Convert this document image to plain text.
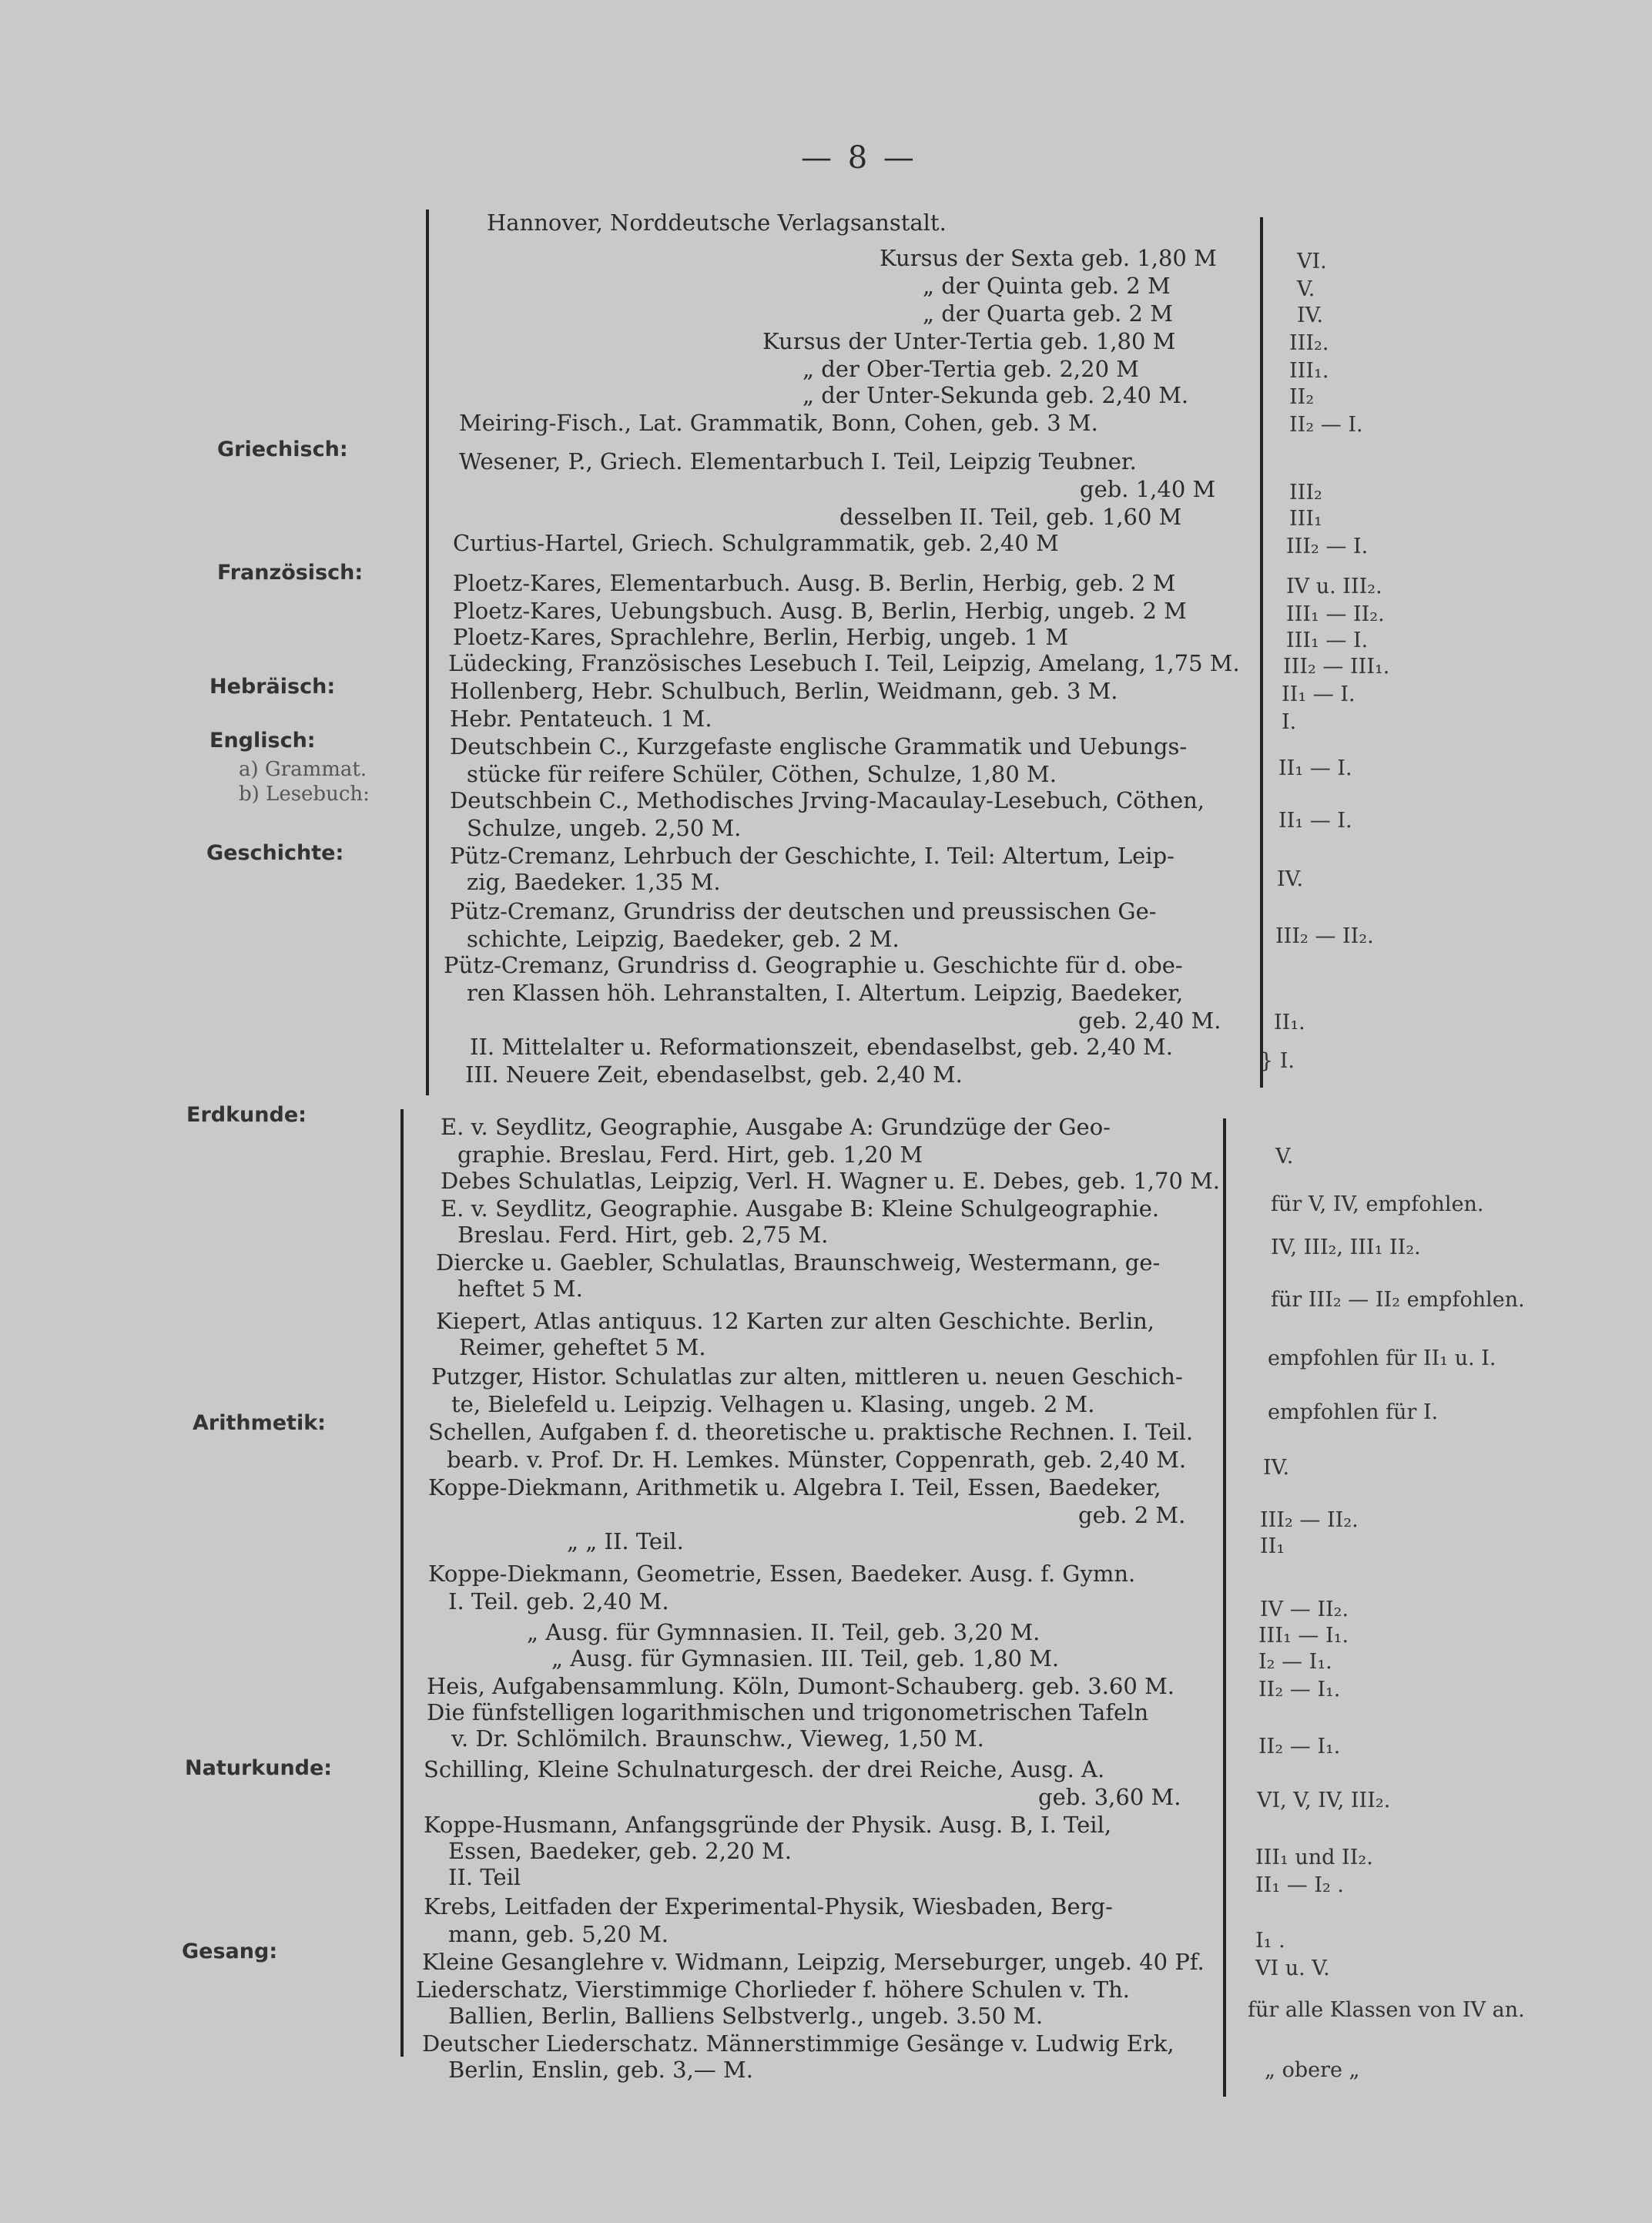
— 8 —
Griechisch:
Französisch:
Hebräisch:
Englisch:
a) Grammat.
b) Lesebuch:
Geschichte:
Erdkunde:
Arithmetik:
Naturkunde:
Gesang:
Hannover, Norddeutsche Verlagsanstalt.
Kursus der Sexta geb. 1,80 M
„ der Quinta geb. 2 M
„ der Quarta geb. 2 M
Kursus der Unter-Tertia geb. 1,80 M
„ der Ober-Tertia geb. 2,20 M
„ der Unter-Sekunda geb. 2,40 M.
Meiring-Fisch., Lat. Grammatik, Bonn, Cohen, geb. 3 M.
Wesener, P., Griech. Elementarbuch I. Teil, Leipzig Teubner.
geb. 1,40 M
desselben II. Teil, geb. 1,60 M
Curtius-Hartel, Griech. Schulgrammatik, geb. 2,40 M
Ploetz-Kares, Elementarbuch. Ausg. B. Berlin, Herbig, geb. 2 M
Ploetz-Kares, Uebungsbuch. Ausg. B, Berlin, Herbig, ungeb. 2 M
Ploetz-Kares, Sprachlehre, Berlin, Herbig, ungeb. 1 M
Lüdecking, Französisches Lesebuch I. Teil, Leipzig, Amelang, 1,75 M.
Hollenberg, Hebr. Schulbuch, Berlin, Weidmann, geb. 3 M.
Hebr. Pentateuch. 1 M.
Deutschbein C., Kurzgefaste englische Grammatik und Uebungs-
stücke für reifere Schüler, Cöthen, Schulze, 1,80 M.
Deutschbein C., Methodisches Jrving-Macaulay-Lesebuch, Cöthen,
Schulze, ungeb. 2,50 M.
Pütz-Cremanz, Lehrbuch der Geschichte, I. Teil: Altertum, Leip-
zig, Baedeker. 1,35 M.
Pütz-Cremanz, Grundriss der deutschen und preussischen Ge-
schichte, Leipzig, Baedeker, geb. 2 M.
Pütz-Cremanz, Grundriss d. Geographie u. Geschichte für d. obe-
ren Klassen höh. Lehranstalten, I. Altertum. Leipzig, Baedeker,
geb. 2,40 M.
II. Mittelalter u. Reformationszeit, ebendaselbst, geb. 2,40 M.
III. Neuere Zeit, ebendaselbst, geb. 2,40 M.
E. v. Seydlitz, Geographie, Ausgabe A: Grundzüge der Geo-
graphie. Breslau, Ferd. Hirt, geb. 1,20 M
Debes Schulatlas, Leipzig, Verl. H. Wagner u. E. Debes, geb. 1,70 M.
E. v. Seydlitz, Geographie. Ausgabe B: Kleine Schulgeographie.
Breslau. Ferd. Hirt, geb. 2,75 M.
Diercke u. Gaebler, Schulatlas, Braunschweig, Westermann, ge-
heftet 5 M.
Kiepert, Atlas antiquus. 12 Karten zur alten Geschichte. Berlin,
Reimer, geheftet 5 M.
Putzger, Histor. Schulatlas zur alten, mittleren u. neuen Geschich-
te, Bielefeld u. Leipzig. Velhagen u. Klasing, ungeb. 2 M.
Schellen, Aufgaben f. d. theoretische u. praktische Rechnen. I. Teil.
bearb. v. Prof. Dr. H. Lemkes. Münster, Coppenrath, geb. 2,40 M.
Koppe-Diekmann, Arithmetik u. Algebra I. Teil, Essen, Baedeker,
geb. 2 M.
„ „ II. Teil.
Koppe-Diekmann, Geometrie, Essen, Baedeker. Ausg. f. Gymn.
I. Teil. geb. 2,40 M.
„ Ausg. für Gymnnasien. II. Teil, geb. 3,20 M.
„ Ausg. für Gymnasien. III. Teil, geb. 1,80 M.
Heis, Aufgabensammlung. Köln, Dumont-Schauberg. geb. 3.60 M.
Die fünfstelligen logarithmischen und trigonometrischen Tafeln
v. Dr. Schlömilch. Braunschw., Vieweg, 1,50 M.
Schilling, Kleine Schulnaturgesch. der drei Reiche, Ausg. A.
geb. 3,60 M.
Koppe-Husmann, Anfangsgründe der Physik. Ausg. B, I. Teil,
Essen, Baedeker, geb. 2,20 M.
II. Teil
Krebs, Leitfaden der Experimental-Physik, Wiesbaden, Berg-
mann, geb. 5,20 M.
Kleine Gesanglehre v. Widmann, Leipzig, Merseburger, ungeb. 40 Pf.
Liederschatz, Vierstimmige Chorlieder f. höhere Schulen v. Th.
Ballien, Berlin, Balliens Selbstverlg., ungeb. 3.50 M.
Deutscher Liederschatz. Männerstimmige Gesänge v. Ludwig Erk,
Berlin, Enslin, geb. 3,— M.
VI.
V.
IV.
III₂.
III₁.
II₂
II₂ — I.
III₂
III₁
III₂ — I.
IV u. III₂.
III₁ — II₂.
III₁ — I.
III₂ — III₁.
II₁ — I.
I.
II₁ — I.
II₁ — I.
IV.
III₂ — II₂.
II₁.
} I.
V.
für V, IV, empfohlen.
IV, III₂, III₁ II₂.
für III₂ — II₂ empfohlen.
empfohlen für II₁ u. I.
empfohlen für I.
IV.
III₂ — II₂.
II₁
IV — II₂.
III₁ — I₁.
I₂ — I₁.
II₂ — I₁.
II₂ — I₁.
VI, V, IV, III₂.
III₁ und II₂.
II₁ — I₂ .
I₁ .
VI u. V.
für alle Klassen von IV an.
„ obere „
